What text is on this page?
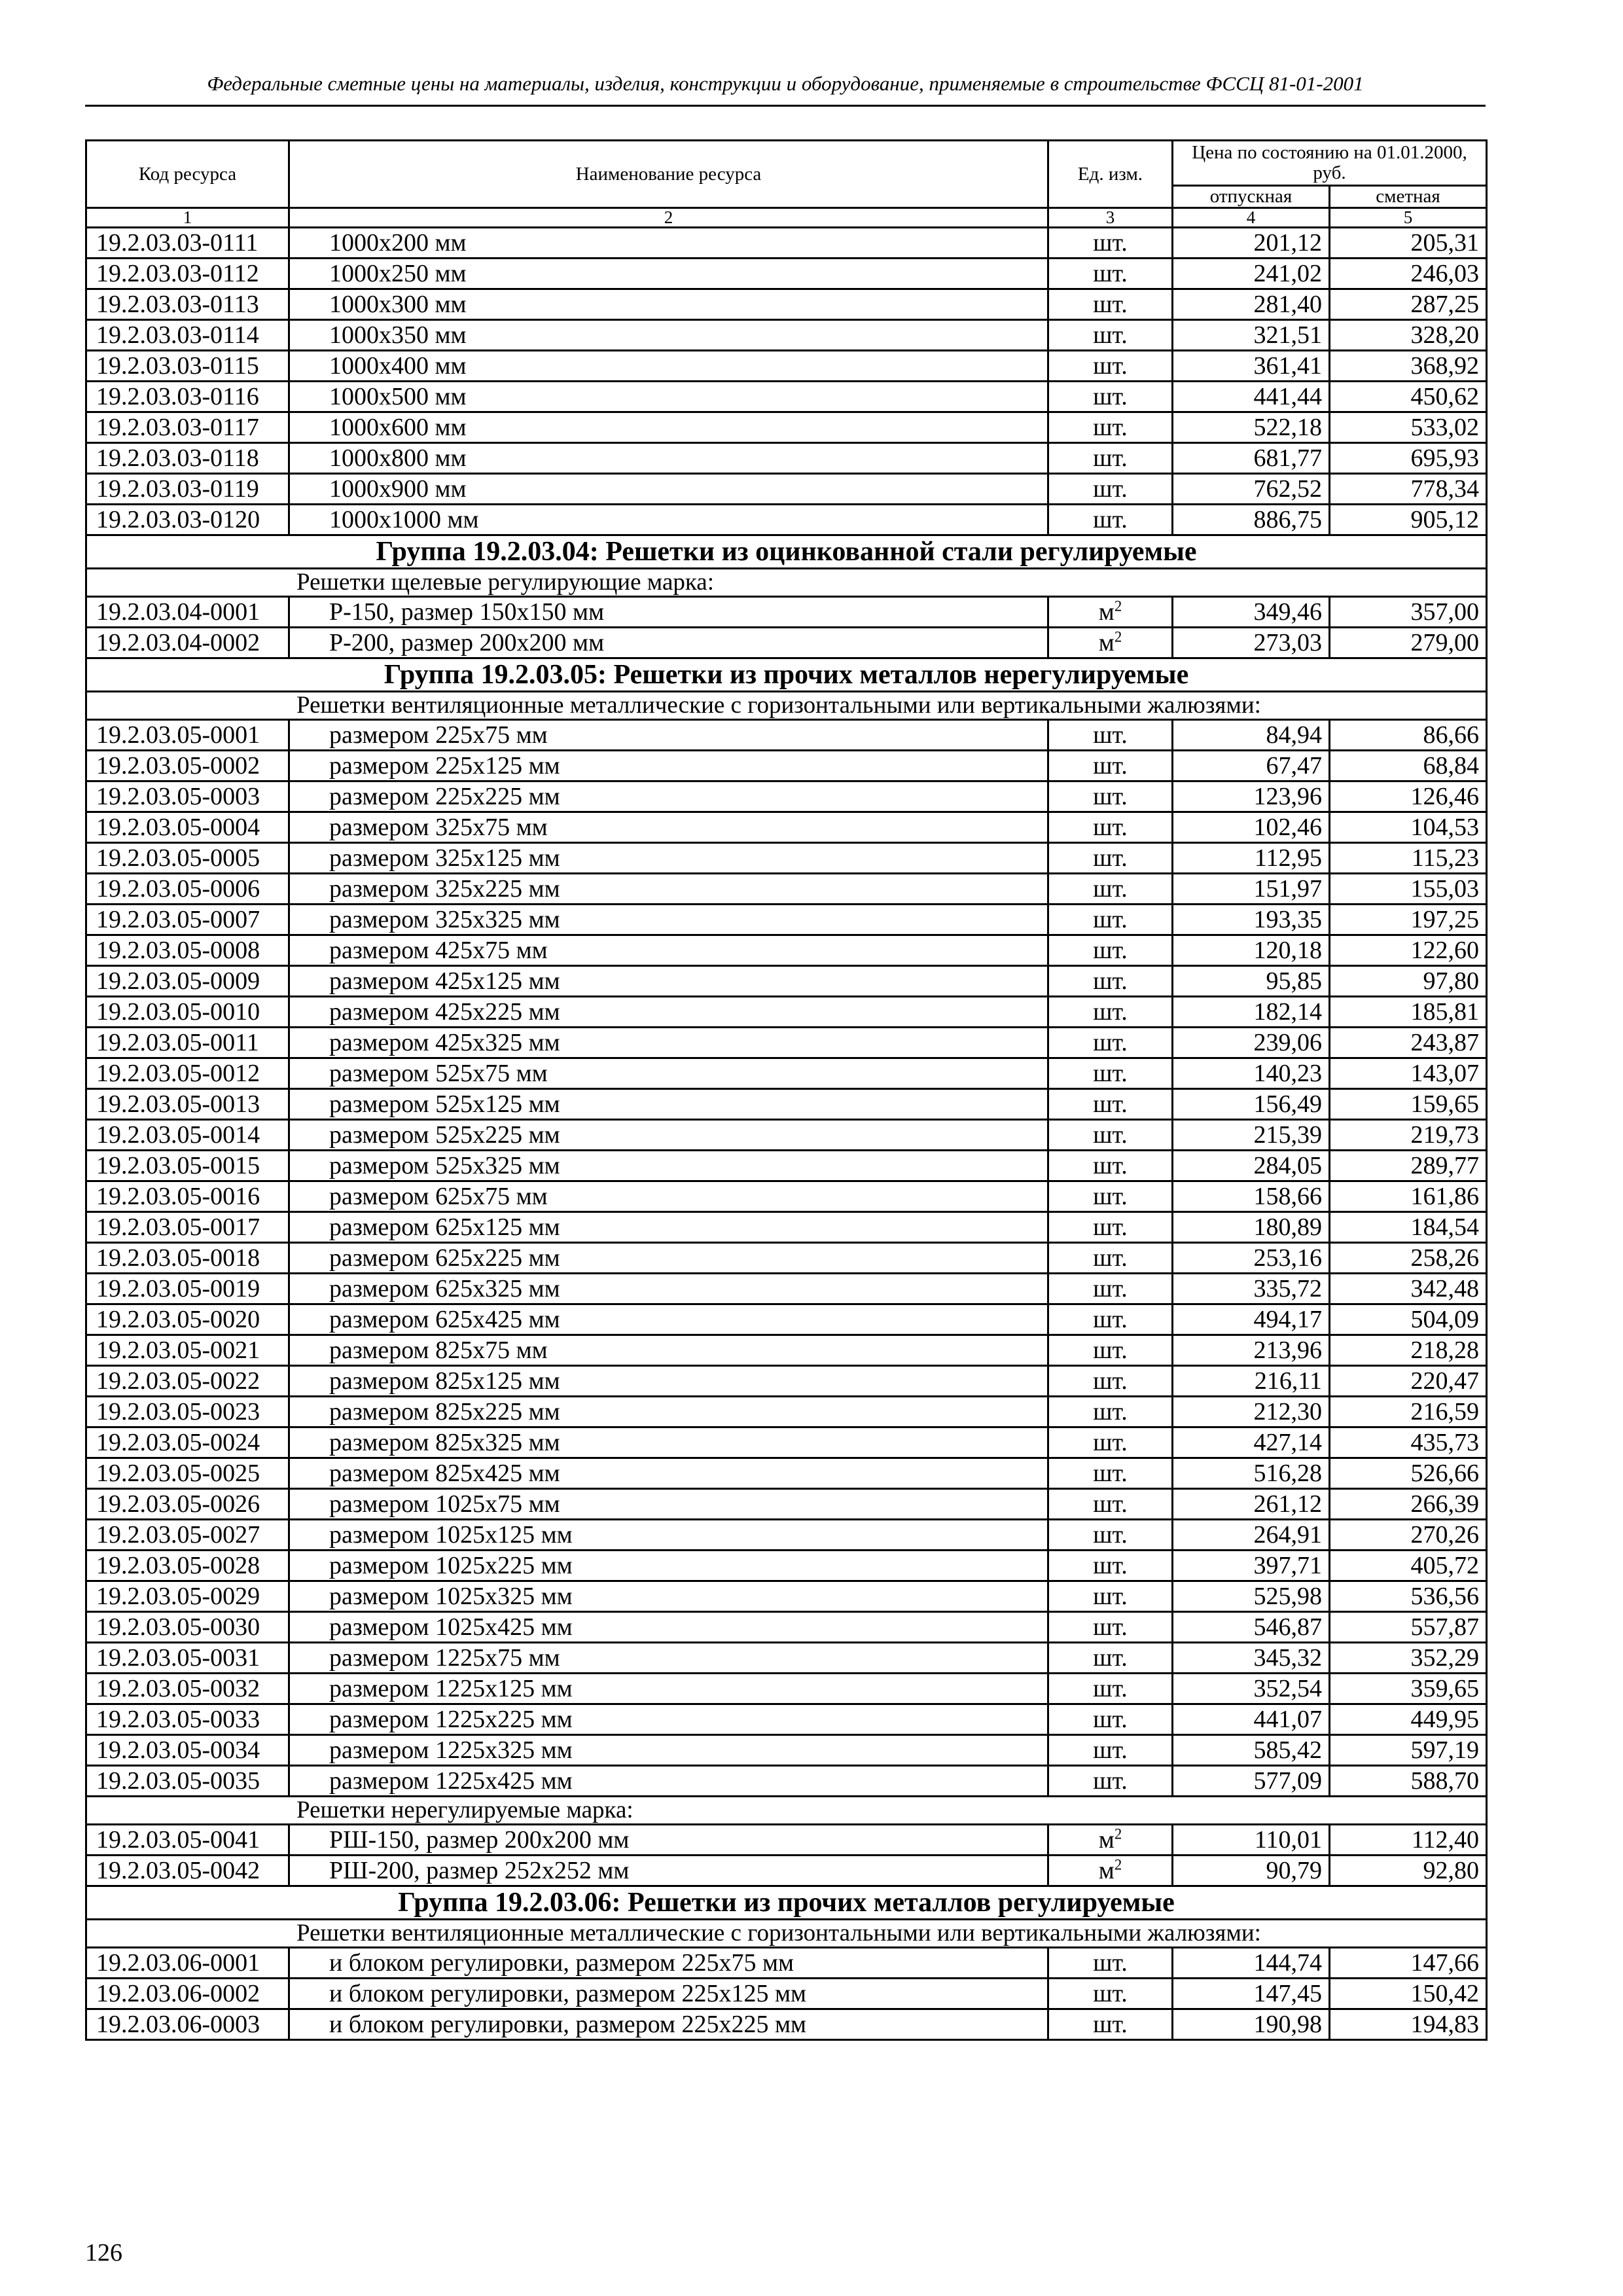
Федеральные сметные цены на материалы, изделия, конструкции и оборудование, применяемые в строительстве ФССЦ 81-01-2001
Код ресурса	Наименование ресурса	Ед. изм.	Цена по состоянию на 01.01.2000, руб.	
			отпускная	сметная
1	2	3	4	5
19.2.03.03-0111	1000x200 мм	шт.	201,12	205,31
19.2.03.03-0112	1000x250 мм	шт.	241,02	246,03
19.2.03.03-0113	1000x300 мм	шт.	281,40	287,25
19.2.03.03-0114	1000x350 мм	шт.	321,51	328,20
19.2.03.03-0115	1000x400 мм	шт.	361,41	368,92
19.2.03.03-0116	1000x500 мм	шт.	441,44	450,62
19.2.03.03-0117	1000x600 мм	шт.	522,18	533,02
19.2.03.03-0118	1000x800 мм	шт.	681,77	695,93
19.2.03.03-0119	1000x900 мм	шт.	762,52	778,34
19.2.03.03-0120	1000x1000 мм	шт.	886,75	905,12
Группа 19.2.03.04: Решетки из оцинкованной стали регулируемые				
Решетки щелевые регулирующие марка:				
19.2.03.04-0001	Р-150, размер 150x150 мм	$м^2$	349,46	357,00
19.2.03.04-0002	Р-200, размер 200x200 мм	$м^2$	273,03	279,00
Группа 19.2.03.05: Решетки из прочих металлов нерегулируемые				
Решетки вентиляционные металлические с горизонтальными или вертикальными жалюзями:				
19.2.03.05-0001	размером 225x75 мм	шт.	84,94	86,66
19.2.03.05-0002	размером 225x125 мм	шт.	67,47	68,84
19.2.03.05-0003	размером 225x225 мм	шт.	123,96	126,46
19.2.03.05-0004	размером 325x75 мм	шт.	102,46	104,53
19.2.03.05-0005	размером 325x125 мм	шт.	112,95	115,23
19.2.03.05-0006	размером 325x225 мм	шт.	151,97	155,03
19.2.03.05-0007	размером 325x325 мм	шт.	193,35	197,25
19.2.03.05-0008	размером 425x75 мм	шт.	120,18	122,60
19.2.03.05-0009	размером 425x125 мм	шт.	95,85	97,80
19.2.03.05-0010	размером 425x225 мм	шт.	182,14	185,81
19.2.03.05-0011	размером 425x325 мм	шт.	239,06	243,87
19.2.03.05-0012	размером 525x75 мм	шт.	140,23	143,07
19.2.03.05-0013	размером 525x125 мм	шт.	156,49	159,65
19.2.03.05-0014	размером 525x225 мм	шт.	215,39	219,73
19.2.03.05-0015	размером 525x325 мм	шт.	284,05	289,77
19.2.03.05-0016	размером 625x75 мм	шт.	158,66	161,86
19.2.03.05-0017	размером 625x125 мм	шт.	180,89	184,54
19.2.03.05-0018	размером 625x225 мм	шт.	253,16	258,26
19.2.03.05-0019	размером 625x325 мм	шт.	335,72	342,48
19.2.03.05-0020	размером 625x425 мм	шт.	494,17	504,09
19.2.03.05-0021	размером 825x75 мм	шт.	213,96	218,28
19.2.03.05-0022	размером 825x125 мм	шт.	216,11	220,47
19.2.03.05-0023	размером 825x225 мм	шт.	212,30	216,59
19.2.03.05-0024	размером 825x325 мм	шт.	427,14	435,73
19.2.03.05-0025	размером 825x425 мм	шт.	516,28	526,66
19.2.03.05-0026	размером 1025x75 мм	шт.	261,12	266,39
19.2.03.05-0027	размером 1025x125 мм	шт.	264,91	270,26
19.2.03.05-0028	размером 1025x225 мм	шт.	397,71	405,72
19.2.03.05-0029	размером 1025x325 мм	шт.	525,98	536,56
19.2.03.05-0030	размером 1025x425 мм	шт.	546,87	557,87
19.2.03.05-0031	размером 1225x75 мм	шт.	345,32	352,29
19.2.03.05-0032	размером 1225x125 мм	шт.	352,54	359,65
19.2.03.05-0033	размером 1225x225 мм	шт.	441,07	449,95
19.2.03.05-0034	размером 1225x325 мм	шт.	585,42	597,19
19.2.03.05-0035	размером 1225x425 мм	шт.	577,09	588,70
Решетки нерегулируемые марка:				
19.2.03.05-0041	РШ-150, размер 200x200 мм	$м^2$	110,01	112,40
19.2.03.05-0042	РШ-200, размер 252x252 мм	$м^2$	90,79	92,80
Группа 19.2.03.06: Решетки из прочих металлов регулируемые				
Решетки вентиляционные металлические с горизонтальными или вертикальными жалюзями:				
19.2.03.06-0001	и блоком регулировки, размером 225x75 мм	шт.	144,74	147,66
19.2.03.06-0002	и блоком регулировки, размером 225x125 мм	шт.	147,45	150,42
19.2.03.06-0003	и блоком регулировки, размером 225x225 мм	шт.	190,98	194,83
126
